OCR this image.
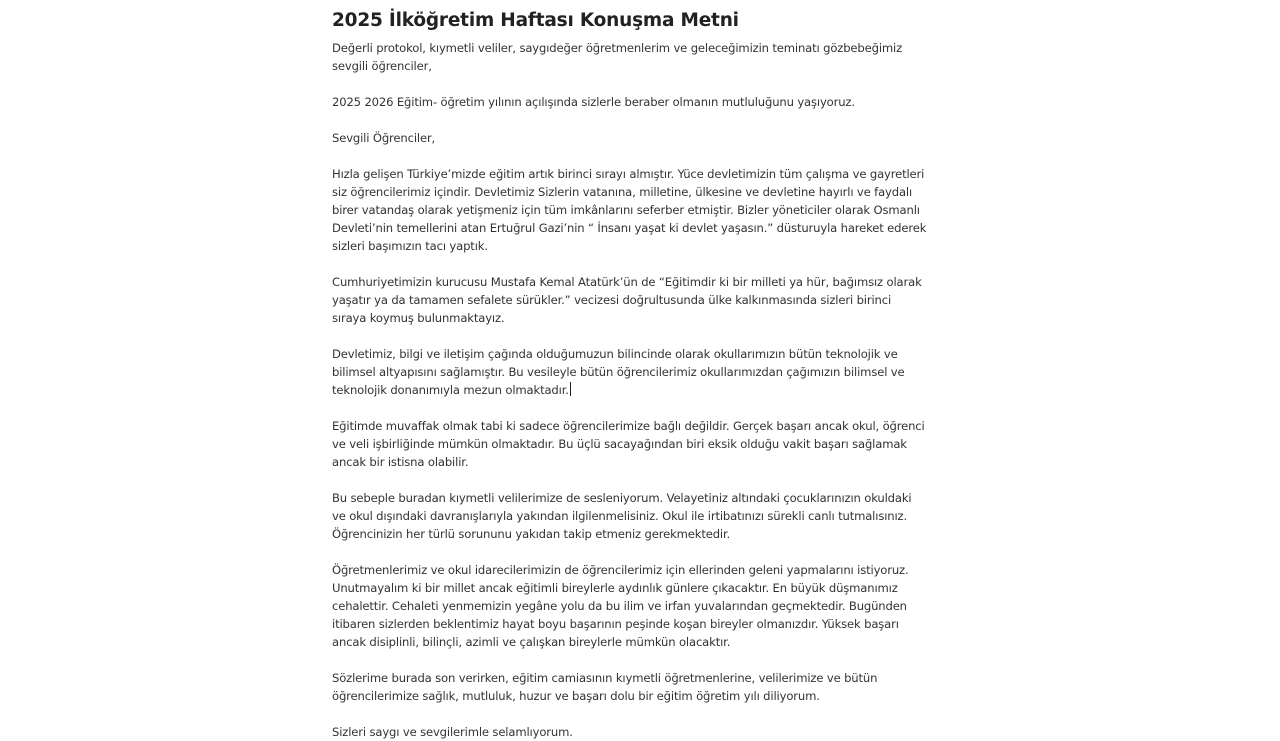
2025 İlköğretim Haftası Konuşma Metni

Değerli protokol, kıymetli veliler, saygıdeğer öğretmenlerim ve geleceğimizin teminatı gözbebeğimiz sevgili öğrenciler,

2025 2026 Eğitim- öğretim yılının açılışında sizlerle beraber olmanın mutluluğunu yaşıyoruz.

Sevgili Öğrenciler,

Hızla gelişen Türkiye’mizde eğitim artık birinci sırayı almıştır. Yüce devletimizin tüm çalışma ve gayretleri siz öğrencilerimiz içindir. Devletimiz Sizlerin vatanına, milletine, ülkesine ve devletine hayırlı ve faydalı birer vatandaş olarak yetişmeniz için tüm imkânlarını seferber etmiştir. Bizler yöneticiler olarak Osmanlı Devleti’nin temellerini atan Ertuğrul Gazi’nin “ İnsanı yaşat ki devlet yaşasın.” düsturuyla hareket ederek sizleri başımızın tacı yaptık.

Cumhuriyetimizin kurucusu Mustafa Kemal Atatürk’ün de “Eğitimdir ki bir milleti ya hür, bağımsız olarak yaşatır ya da tamamen sefalete sürükler.” vecizesi doğrultusunda ülke kalkınmasında sizleri birinci sıraya koymuş bulunmaktayız.

Devletimiz, bilgi ve iletişim çağında olduğumuzun bilincinde olarak okullarımızın bütün teknolojik ve bilimsel altyapısını sağlamıştır. Bu vesileyle bütün öğrencilerimiz okullarımızdan çağımızın bilimsel ve teknolojik donanımıyla mezun olmaktadır.

Eğitimde muvaffak olmak tabi ki sadece öğrencilerimize bağlı değildir. Gerçek başarı ancak okul, öğrenci ve veli işbirliğinde mümkün olmaktadır. Bu üçlü sacayağından biri eksik olduğu vakit başarı sağlamak ancak bir istisna olabilir.

Bu sebeple buradan kıymetli velilerimize de sesleniyorum. Velayetiniz altındaki çocuklarınızın okuldaki ve okul dışındaki davranışlarıyla yakından ilgilenmelisiniz. Okul ile irtibatınızı sürekli canlı tutmalısınız. Öğrencinizin her türlü sorununu yakıdan takip etmeniz gerekmektedir.

Öğretmenlerimiz ve okul idarecilerimizin de öğrencilerimiz için ellerinden geleni yapmalarını istiyoruz. Unutmayalım ki bir millet ancak eğitimli bireylerle aydınlık günlere çıkacaktır. En büyük düşmanımız cehalettir. Cehaleti yenmemizin yegâne yolu da bu ilim ve irfan yuvalarından geçmektedir. Bugünden itibaren sizlerden beklentimiz hayat boyu başarının peşinde koşan bireyler olmanızdır. Yüksek başarı ancak disiplinli, bilinçli, azimli ve çalışkan bireylerle mümkün olacaktır.

Sözlerime burada son verirken, eğitim camiasının kıymetli öğretmenlerine, velilerimize ve bütün öğrencilerimize sağlık, mutluluk, huzur ve başarı dolu bir eğitim öğretim yılı diliyorum.

Sizleri saygı ve sevgilerimle selamlıyorum.
